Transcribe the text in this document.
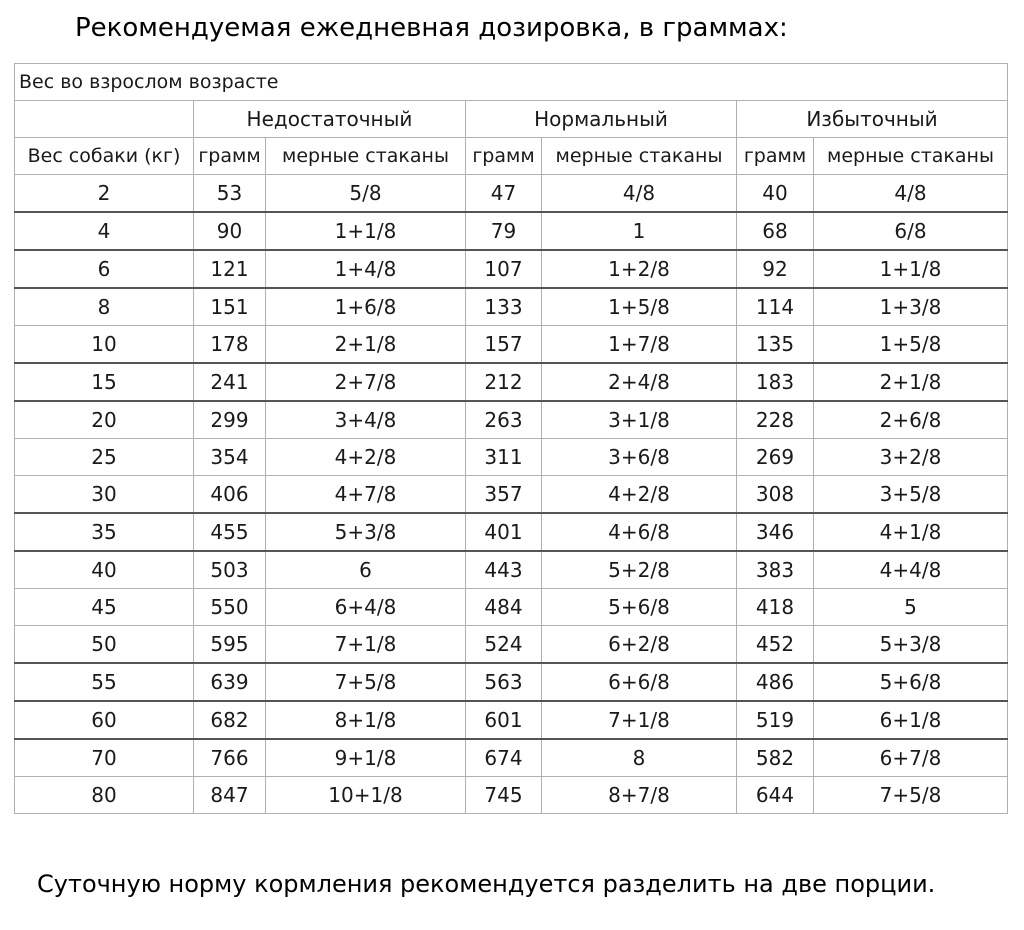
Рекомендуемая ежедневная дозировка, в граммах:
Вес во взрослом возрасте						
	Недостаточный		Нормальный		Избыточный	
Вес собаки (кг)	грамм	мерные стаканы	грамм	мерные стаканы	грамм	мерные стаканы
2	53	5/8	47	4/8	40	4/8
4	90	1+1/8	79	1	68	6/8
6	121	1+4/8	107	1+2/8	92	1+1/8
8	151	1+6/8	133	1+5/8	114	1+3/8
10	178	2+1/8	157	1+7/8	135	1+5/8
15	241	2+7/8	212	2+4/8	183	2+1/8
20	299	3+4/8	263	3+1/8	228	2+6/8
25	354	4+2/8	311	3+6/8	269	3+2/8
30	406	4+7/8	357	4+2/8	308	3+5/8
35	455	5+3/8	401	4+6/8	346	4+1/8
40	503	6	443	5+2/8	383	4+4/8
45	550	6+4/8	484	5+6/8	418	5
50	595	7+1/8	524	6+2/8	452	5+3/8
55	639	7+5/8	563	6+6/8	486	5+6/8
60	682	8+1/8	601	7+1/8	519	6+1/8
70	766	9+1/8	674	8	582	6+7/8
80	847	10+1/8	745	8+7/8	644	7+5/8
Суточную норму кормления рекомендуется разделить на две порции.
